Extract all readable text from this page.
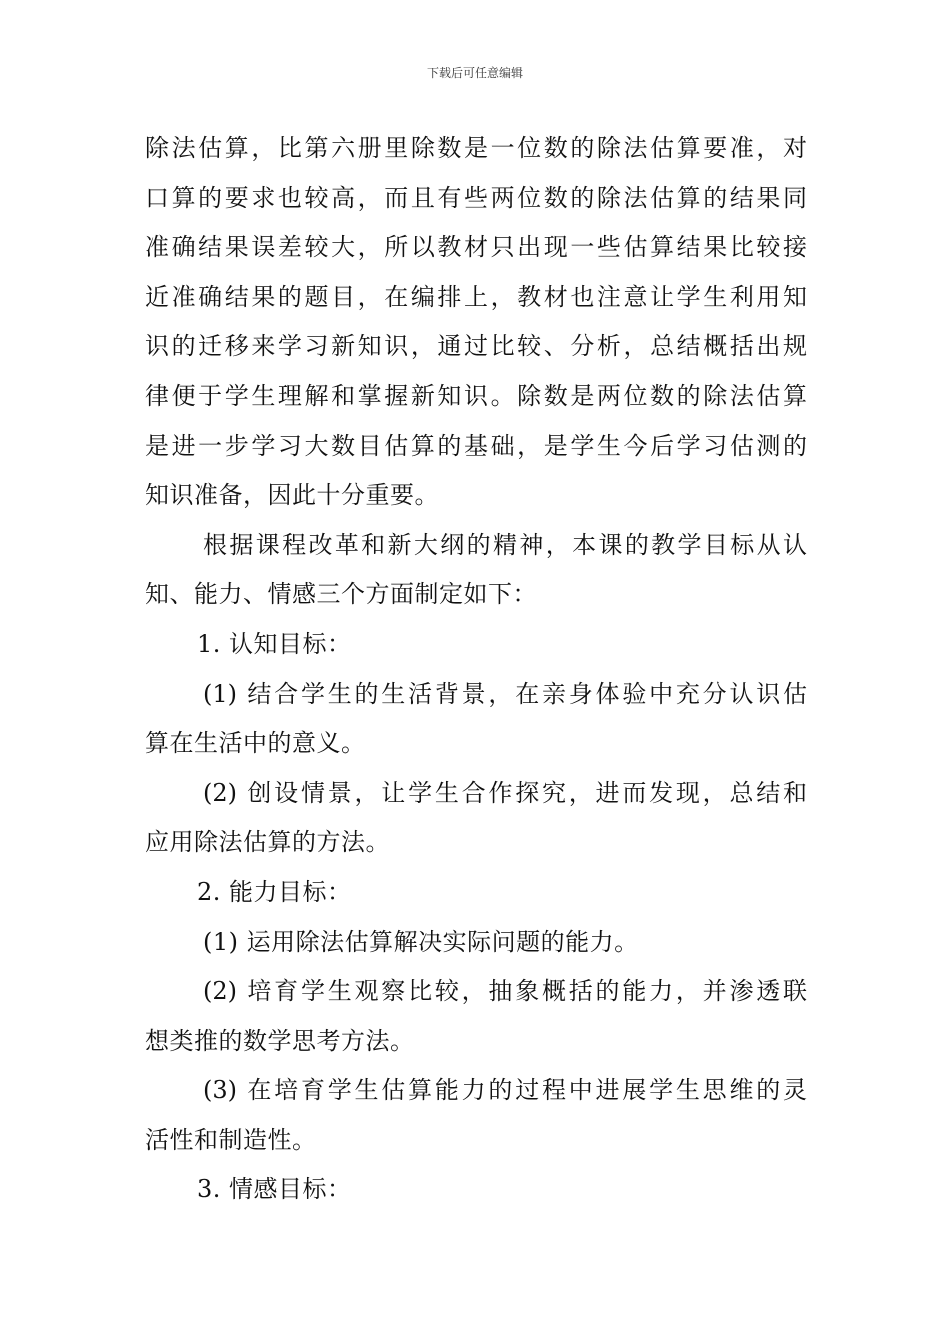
下载后可任意编辑
除法估算，比第六册里除数是一位数的除法估算要准，对
口算的要求也较高，而且有些两位数的除法估算的结果同
准确结果误差较大，所以教材只出现一些估算结果比较接
近准确结果的题目，在编排上，教材也注意让学生利用知
识的迁移来学习新知识，通过比较、分析，总结概括出规
律便于学生理解和掌握新知识。除数是两位数的除法估算
是进一步学习大数目估算的基础，是学生今后学习估测的
知识准备，因此十分重要。
根据课程改革和新大纲的精神，本课的教学目标从认
知、能力、情感三个方面制定如下：
1. 认知目标：
(1) 结合学生的生活背景，在亲身体验中充分认识估
算在生活中的意义。
(2) 创设情景，让学生合作探究，进而发现，总结和
应用除法估算的方法。
2. 能力目标：
(1) 运用除法估算解决实际问题的能力。
(2) 培育学生观察比较，抽象概括的能力，并渗透联
想类推的数学思考方法。
(3) 在培育学生估算能力的过程中进展学生思维的灵
活性和制造性。
3. 情感目标：
